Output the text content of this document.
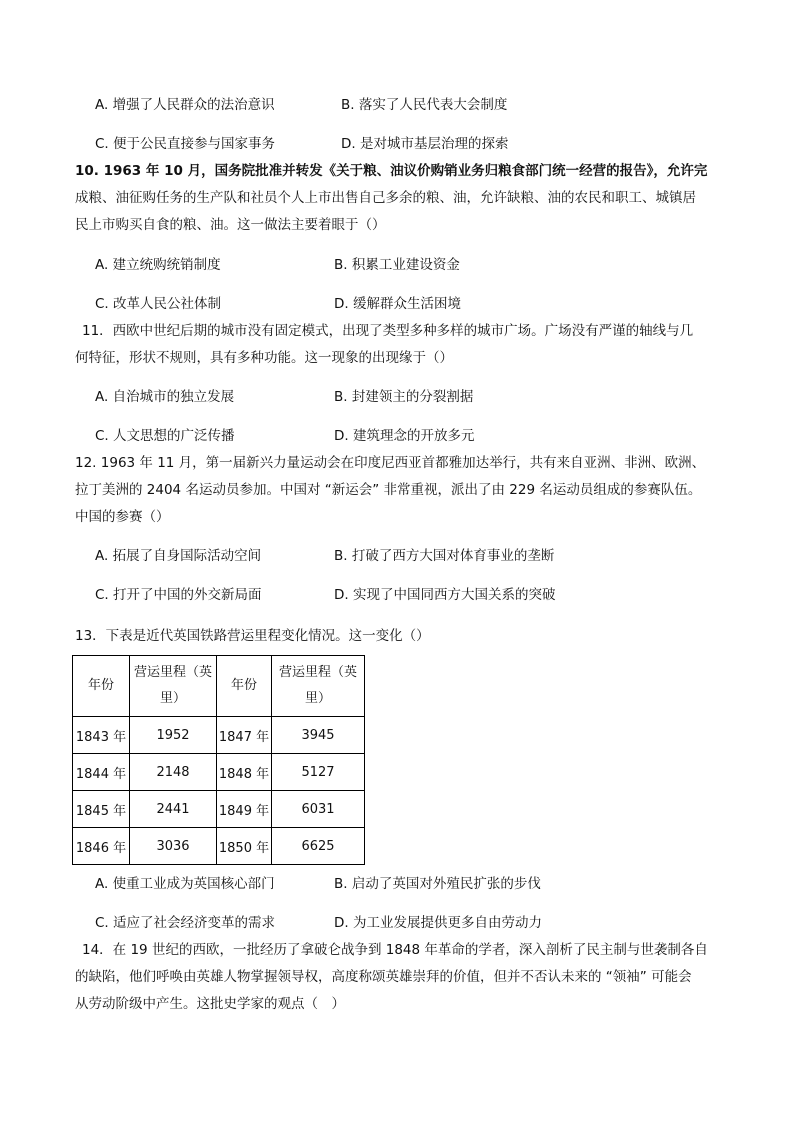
A. 增强了人民群众的法治意识	B. 落实了人民代表大会制度
C. 便于公民直接参与国家事务	D. 是对城市基层治理的探索
10. 1963 年 10 月，国务院批准并转发《关于粮、油议价购销业务归粮食部门统一经营的报告》，允许完
成粮、油征购任务的生产队和社员个人上市出售自己多余的粮、油，允许缺粮、油的农民和职工、城镇居
民上市购买自食的粮、油。这一做法主要着眼于（）
A. 建立统购统销制度	B. 积累工业建设资金
C. 改革人民公社体制	D. 缓解群众生活困境
11．西欧中世纪后期的城市没有固定模式，出现了类型多种多样的城市广场。广场没有严谨的轴线与几
何特征，形状不规则，具有多种功能。这一现象的出现缘于（）
A. 自治城市的独立发展	B. 封建领主的分裂割据
C. 人文思想的广泛传播	D. 建筑理念的开放多元
12. 1963 年 11 月，第一届新兴力量运动会在印度尼西亚首都雅加达举行，共有来自亚洲、非洲、欧洲、
拉丁美洲的 2404 名运动员参加。中国对 “新运会” 非常重视，派出了由 229 名运动员组成的参赛队伍。
中国的参赛（）
A. 拓展了自身国际活动空间	B. 打破了西方大国对体育事业的垄断
C. 打开了中国的外交新局面	D. 实现了中国同西方大国关系的突破
13．下表是近代英国铁路营运里程变化情况。这一变化（）
年份	营运里程（英里）	年份	营运里程（英里）
1843 年	1952	1847 年	3945
1844 年	2148	1848 年	5127
1845 年	2441	1849 年	6031
1846 年	3036	1850 年	6625
A. 使重工业成为英国核心部门	B. 启动了英国对外殖民扩张的步伐
C. 适应了社会经济变革的需求	D. 为工业发展提供更多自由劳动力
14．在 19 世纪的西欧，一批经历了拿破仑战争到 1848 年革命的学者，深入剖析了民主制与世袭制各自
的缺陷，他们呼唤由英雄人物掌握领导权，高度称颂英雄崇拜的价值，但并不否认未来的 “领袖” 可能会
从劳动阶级中产生。这批史学家的观点（　）
